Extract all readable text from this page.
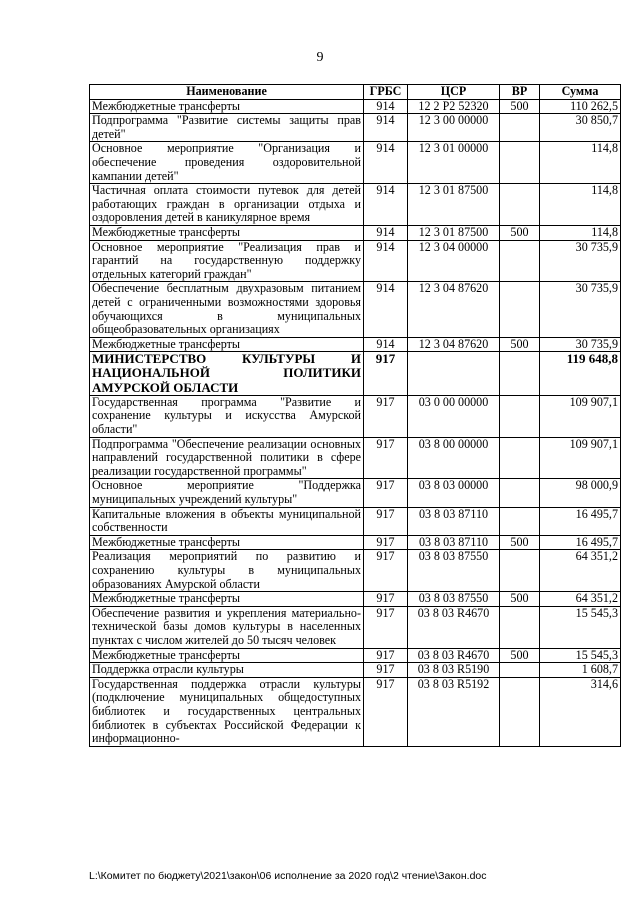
9
Наименование	ГРБС	ЦСР	ВР	Сумма
Межбюджетные трансферты	914	12 2 P2 52320	500	110 262,5
Подпрограмма "Развитие системы защиты прав детей"	914	12 3 00 00000		30 850,7
Основное мероприятие "Организация и обеспечение проведения оздоровительной кампании детей"	914	12 3 01 00000		114,8
Частичная оплата стоимости путевок для детей работающих граждан в организации отдыха и оздоровления детей в каникулярное время	914	12 3 01 87500		114,8
Межбюджетные трансферты	914	12 3 01 87500	500	114,8
Основное мероприятие "Реализация прав и гарантий на государственную поддержку отдельных категорий граждан"	914	12 3 04 00000		30 735,9
Обеспечение бесплатным двухразовым питанием детей с ограниченными возможностями здоровья обучающихся в муниципальных общеобразовательных организациях	914	12 3 04 87620		30 735,9
Межбюджетные трансферты	914	12 3 04 87620	500	30 735,9
МИНИСТЕРСТВО КУЛЬТУРЫ И НАЦИОНАЛЬНОЙ ПОЛИТИКИ АМУРСКОЙ ОБЛАСТИ	917			119 648,8
Государственная программа "Развитие и сохранение культуры и искусства Амурской области"	917	03 0 00 00000		109 907,1
Подпрограмма "Обеспечение реализации основных направлений государственной политики в сфере реализации государственной программы"	917	03 8 00 00000		109 907,1
Основное мероприятие "Поддержка муниципальных учреждений культуры"	917	03 8 03 00000		98 000,9
Капитальные вложения в объекты муниципальной собственности	917	03 8 03 87110		16 495,7
Межбюджетные трансферты	917	03 8 03 87110	500	16 495,7
Реализация мероприятий по развитию и сохранению культуры в муниципальных образованиях Амурской области	917	03 8 03 87550		64 351,2
Межбюджетные трансферты	917	03 8 03 87550	500	64 351,2
Обеспечение развития и укрепления материально-технической базы домов культуры в населенных пунктах с числом жителей до 50 тысяч человек	917	03 8 03 R4670		15 545,3
Межбюджетные трансферты	917	03 8 03 R4670	500	15 545,3
Поддержка отрасли культуры	917	03 8 03 R5190		1 608,7
Государственная поддержка отрасли культуры (подключение муниципальных общедоступных библиотек и государственных центральных библиотек в субъектах Российской Федерации к информационно-	917	03 8 03 R5192		314,6
L:\Комитет по бюджету\2021\закон\06 исполнение за 2020 год\2 чтение\Закон.doc
